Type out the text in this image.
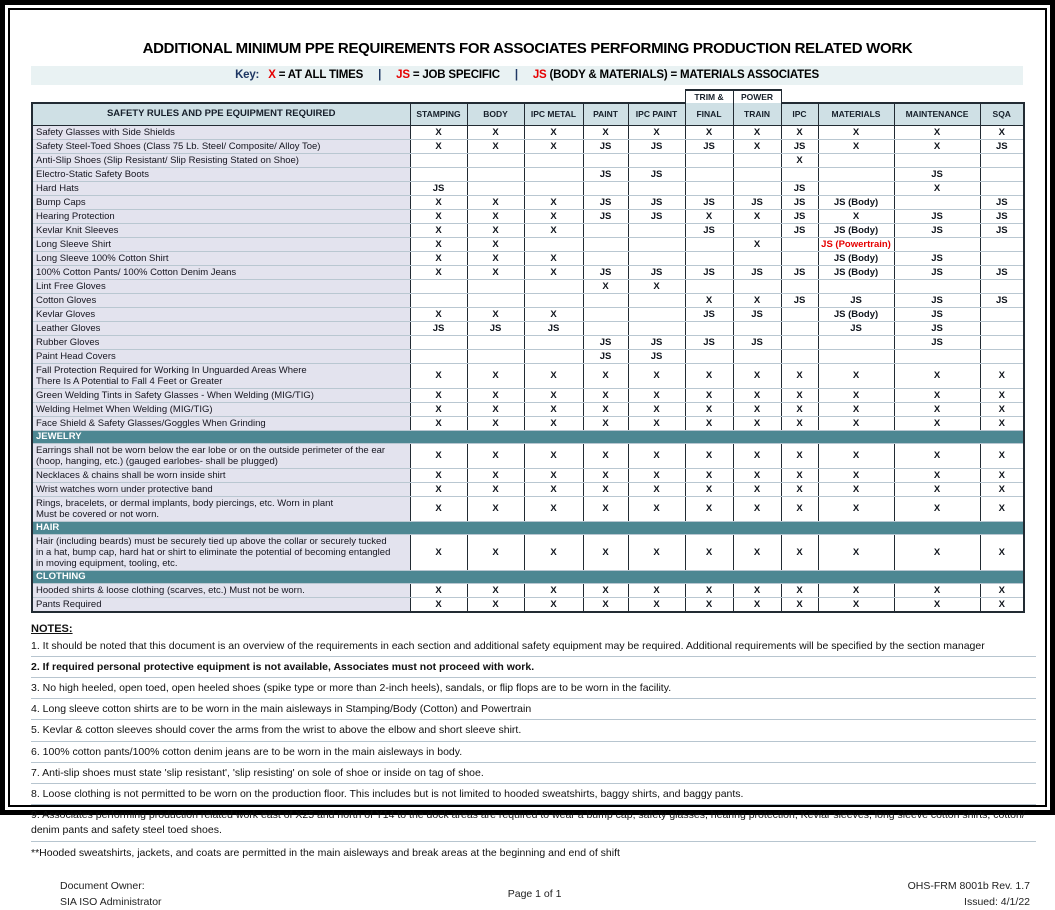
ADDITIONAL MINIMUM PPE REQUIREMENTS FOR ASSOCIATES PERFORMING PRODUCTION RELATED WORK
Key: X = AT ALL TIMES | JS = JOB SPECIFIC | JS (BODY & MATERIALS) = MATERIALS ASSOCIATES
						TRIM &	POWER				
SAFETY RULES AND PPE EQUIPMENT REQUIRED	STAMPING	BODY	IPC METAL	PAINT	IPC PAINT	FINAL	TRAIN	IPC	MATERIALS	MAINTENANCE	SQA

Safety Glasses with Side Shields	X	X	X	X	X	X	X	X	X	X	X

Safety Steel-Toed Shoes (Class 75 Lb. Steel/ Composite/ Alloy Toe)	X	X	X	JS	JS	JS	X	JS	X	X	JS

Anti-Slip Shoes (Slip Resistant/ Slip Resisting Stated on Shoe)								X			

Electro-Static Safety Boots				JS	JS					JS	

Hard Hats	JS							JS		X	

Bump Caps	X	X	X	JS	JS	JS	JS	JS	JS (Body)		JS

Hearing Protection	X	X	X	JS	JS	X	X	JS	X	JS	JS

Kevlar Knit Sleeves	X	X	X			JS		JS	JS (Body)	JS	JS

Long Sleeve Shirt	X	X					X		JS (Powertrain)		

Long Sleeve 100% Cotton Shirt	X	X	X						JS (Body)	JS	

100% Cotton Pants/ 100% Cotton Denim Jeans	X	X	X	JS	JS	JS	JS	JS	JS (Body)	JS	JS

Lint Free Gloves				X	X						

Cotton Gloves						X	X	JS	JS	JS	JS

Kevlar Gloves	X	X	X			JS	JS		JS (Body)	JS	

Leather Gloves	JS	JS	JS						JS	JS	

Rubber Gloves				JS	JS	JS	JS			JS	

Paint Head Covers				JS	JS						

Fall Protection Required for Working In Unguarded Areas Where
There Is A Potential to Fall 4 Feet or Greater	X	X	X	X	X	X	X	X	X	X	X

Green Welding Tints in Safety Glasses - When Welding (MIG/TIG)	X	X	X	X	X	X	X	X	X	X	X

Welding Helmet When Welding (MIG/TIG)	X	X	X	X	X	X	X	X	X	X	X

Face Shield & Safety Glasses/Goggles When Grinding	X	X	X	X	X	X	X	X	X	X	X
JEWELRY											

Earrings shall not be worn below the ear lobe or on the outside perimeter of the ear
(hoop, hanging, etc.) (gauged earlobes- shall be plugged)	X	X	X	X	X	X	X	X	X	X	X

Necklaces & chains shall be worn inside shirt	X	X	X	X	X	X	X	X	X	X	X

Wrist watches worn under protective band	X	X	X	X	X	X	X	X	X	X	X

Rings, bracelets, or dermal implants, body piercings, etc. Worn in plant
Must be covered or not worn.	X	X	X	X	X	X	X	X	X	X	X
HAIR											

Hair (including beards) must be securely tied up above the collar or securely tucked
in a hat, bump cap, hard hat or shirt to eliminate the potential of becoming entangled
in moving equipment, tooling, etc.	X	X	X	X	X	X	X	X	X	X	X
CLOTHING											

Hooded shirts & loose clothing (scarves, etc.) Must not be worn.	X	X	X	X	X	X	X	X	X	X	X

Pants Required	X	X	X	X	X	X	X	X	X	X	X
NOTES:
1. It should be noted that this document is an overview of the requirements in each section and additional safety equipment may be required. Additional requirements will be specified by the section manager
2. If required personal protective equipment is not available, Associates must not proceed with work.
3. No high heeled, open toed, open heeled shoes (spike type or more than 2-inch heels), sandals, or flip flops are to be worn in the facility.
4. Long sleeve cotton shirts are to be worn in the main aisleways in Stamping/Body (Cotton) and Powertrain
5. Kevlar & cotton sleeves should cover the arms from the wrist to above the elbow and short sleeve shirt.
6. 100% cotton pants/100% cotton denim jeans are to be worn in the main aisleways in body.
7. Anti-slip shoes must state 'slip resistant', 'slip resisting' on sole of shoe or inside on tag of shoe.
8. Loose clothing is not permitted to be worn on the production floor. This includes but is not limited to hooded sweatshirts, baggy shirts, and baggy pants.
9. Associates performing production related work east of X25 and north of Y14 to the dock areas are required to wear a bump cap, safety glasses, hearing protection, Kevlar sleeves, long sleeve cotton shirts, cotton/ denim pants and safety steel toed shoes.
**Hooded sweatshirts, jackets, and coats are permitted in the main aisleways and break areas at the beginning and end of shift
Document Owner:
SIA ISO Administrator
Page 1 of 1
OHS-FRM 8001b Rev. 1.7
Issued: 4/1/22
